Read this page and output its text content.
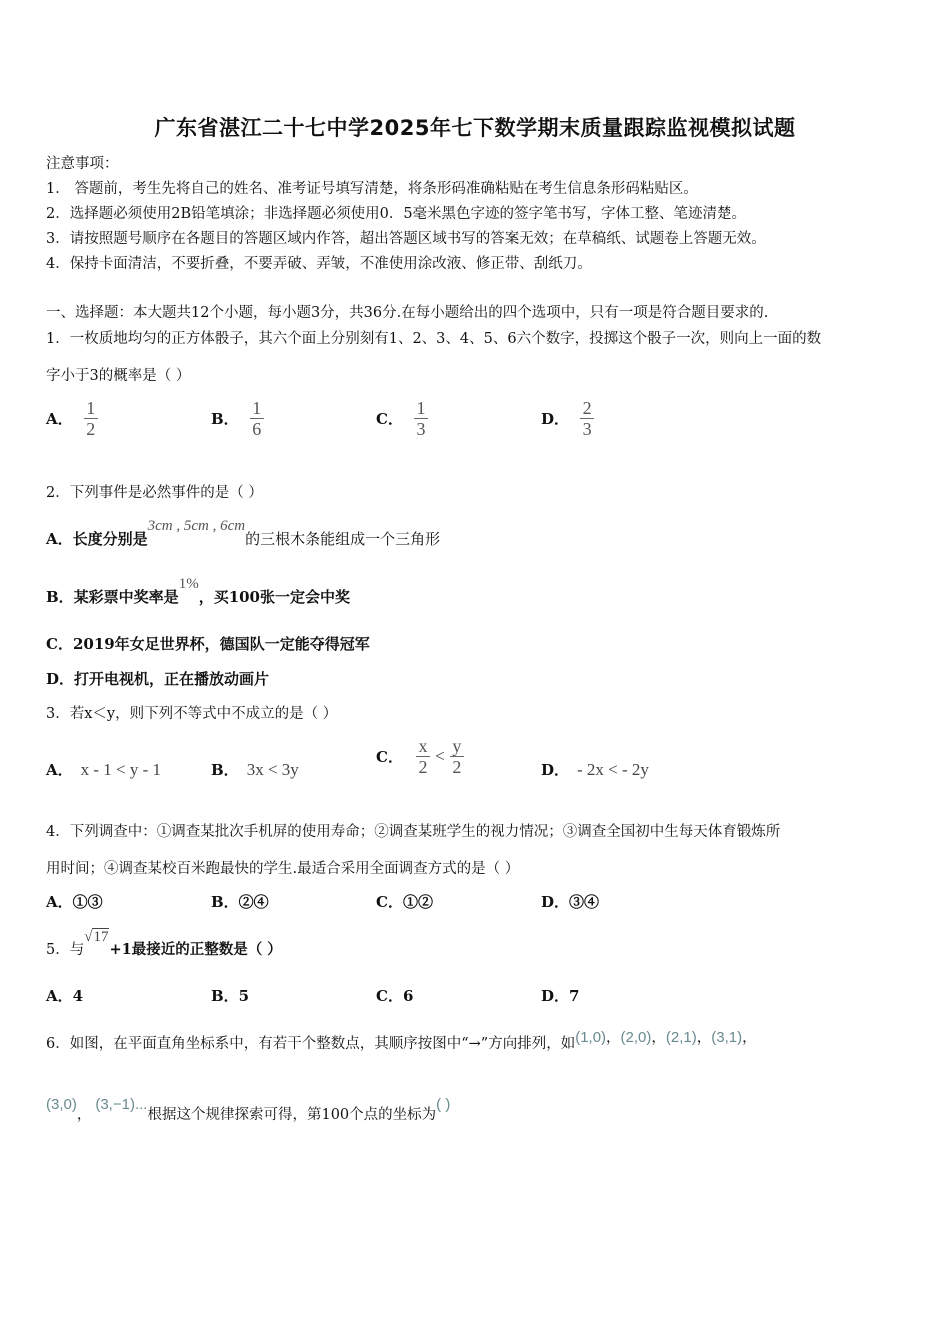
广东省湛江二十七中学2025年七下数学期末质量跟踪监视模拟试题
注意事项：
1． 答题前，考生先将自己的姓名、准考证号填写清楚，将条形码准确粘贴在考生信息条形码粘贴区。
2．选择题必须使用2B铅笔填涂；非选择题必须使用0．5毫米黑色字迹的签字笔书写，字体工整、笔迹清楚。
3．请按照题号顺序在各题目的答题区域内作答，超出答题区域书写的答案无效；在草稿纸、试题卷上答题无效。
4．保持卡面清洁，不要折叠，不要弄破、弄皱，不准使用涂改液、修正带、刮纸刀。
一、选择题：本大题共12个小题，每小题3分，共36分.在每小题给出的四个选项中，只有一项是符合题目要求的.
1．一枚质地均匀的正方体骰子，其六个面上分别刻有1、2、3、4、5、6六个数字，投掷这个骰子一次，则向上一面的数
字小于3的概率是（ ）
A． $\frac{1}{2}$	B． $\frac{1}{6}$	C． $\frac{1}{3}$	D． $\frac{2}{3}$
2．下列事件是必然事件的是（ ）
A．长度分别是3cm , 5cm , 6cm的三根木条能组成一个三角形
B．某彩票中奖率是1%，买100张一定会中奖
C．2019年女足世界杯，德国队一定能夺得冠军
D．打开电视机，正在播放动画片
3．若x＜y，则下列不等式中不成立的是（ ）
A． x - 1 < y - 1	B． 3x < 3y
C． $\frac{x}{2} < \frac{y}{2}$	D． - 2x < - 2y
4．下列调查中：①调查某批次手机屏的使用寿命；②调查某班学生的视力情况；③调查全国初中生每天体育锻炼所
用时间；④调查某校百米跑最快的学生.最适合采用全面调查方式的是（ ）
A．①③	B．②④	C．①②	D．③④
5．与√17+1最接近的正整数是（ ）
A．4	B．5	C．6	D．7
6．如图，在平面直角坐标系中，有若干个整数点，其顺序按图中“→”方向排列，如(1,0)，(2,0)，(2,1)，(3,1)，
(3,0)，(3,−1)...根据这个规律探索可得，第100个点的坐标为( )
